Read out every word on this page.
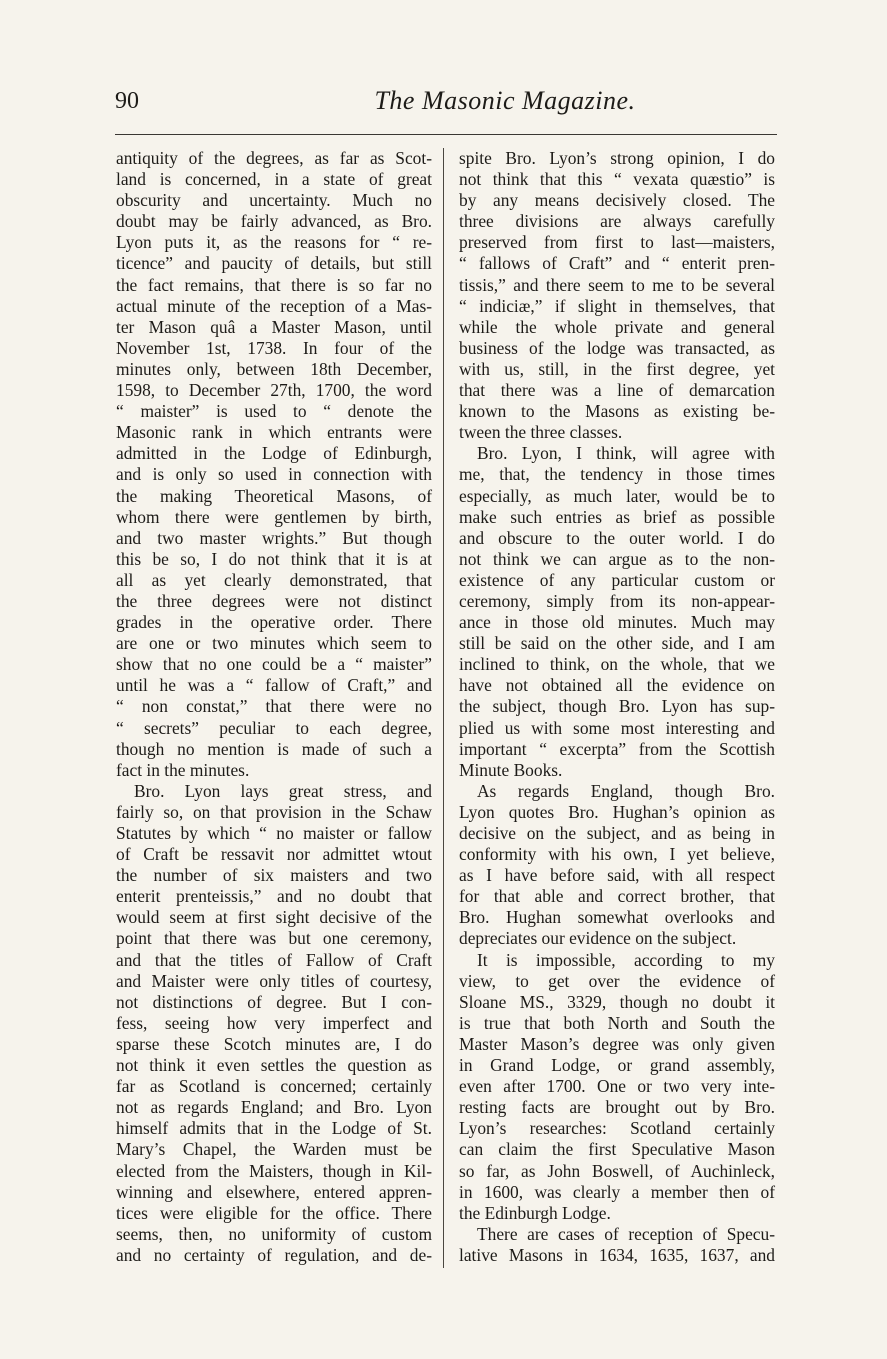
90	The Masonic Magazine.
antiquity of the degrees, as far as Scot-
land is concerned, in a state of great
obscurity and uncertainty. Much no
doubt may be fairly advanced, as Bro.
Lyon puts it, as the reasons for “ re-
ticence” and paucity of details, but still
the fact remains, that there is so far no
actual minute of the reception of a Mas-
ter Mason quâ a Master Mason, until
November 1st, 1738. In four of the
minutes only, between 18th December,
1598, to December 27th, 1700, the word
“ maister” is used to “ denote the
Masonic rank in which entrants were
admitted in the Lodge of Edinburgh,
and is only so used in connection with
the making Theoretical Masons, of
whom there were gentlemen by birth,
and two master wrights.” But though
this be so, I do not think that it is at
all as yet clearly demonstrated, that
the three degrees were not distinct
grades in the operative order. There
are one or two minutes which seem to
show that no one could be a “ maister”
until he was a “ fallow of Craft,” and
“ non constat,” that there were no
“ secrets” peculiar to each degree,
though no mention is made of such a
fact in the minutes.
Bro. Lyon lays great stress, and
fairly so, on that provision in the Schaw
Statutes by which “ no maister or fallow
of Craft be ressavit nor admittet wtout
the number of six maisters and two
enterit prenteissis,” and no doubt that
would seem at first sight decisive of the
point that there was but one ceremony,
and that the titles of Fallow of Craft
and Maister were only titles of courtesy,
not distinctions of degree. But I con-
fess, seeing how very imperfect and
sparse these Scotch minutes are, I do
not think it even settles the question as
far as Scotland is concerned; certainly
not as regards England; and Bro. Lyon
himself admits that in the Lodge of St.
Mary’s Chapel, the Warden must be
elected from the Maisters, though in Kil-
winning and elsewhere, entered appren-
tices were eligible for the office. There
seems, then, no uniformity of custom
and no certainty of regulation, and de-
spite Bro. Lyon’s strong opinion, I do
not think that this “ vexata quæstio” is
by any means decisively closed. The
three divisions are always carefully
preserved from first to last—maisters,
“ fallows of Craft” and “ enterit pren-
tissis,” and there seem to me to be several
“ indiciæ,” if slight in themselves, that
while the whole private and general
business of the lodge was transacted, as
with us, still, in the first degree, yet
that there was a line of demarcation
known to the Masons as existing be-
tween the three classes.
Bro. Lyon, I think, will agree with
me, that, the tendency in those times
especially, as much later, would be to
make such entries as brief as possible
and obscure to the outer world. I do
not think we can argue as to the non-
existence of any particular custom or
ceremony, simply from its non-appear-
ance in those old minutes. Much may
still be said on the other side, and I am
inclined to think, on the whole, that we
have not obtained all the evidence on
the subject, though Bro. Lyon has sup-
plied us with some most interesting and
important “ excerpta” from the Scottish
Minute Books.
As regards England, though Bro.
Lyon quotes Bro. Hughan’s opinion as
decisive on the subject, and as being in
conformity with his own, I yet believe,
as I have before said, with all respect
for that able and correct brother, that
Bro. Hughan somewhat overlooks and
depreciates our evidence on the subject.
It is impossible, according to my
view, to get over the evidence of
Sloane MS., 3329, though no doubt it
is true that both North and South the
Master Mason’s degree was only given
in Grand Lodge, or grand assembly,
even after 1700. One or two very inte-
resting facts are brought out by Bro.
Lyon’s researches: Scotland certainly
can claim the first Speculative Mason
so far, as John Boswell, of Auchinleck,
in 1600, was clearly a member then of
the Edinburgh Lodge.
There are cases of reception of Specu-
lative Masons in 1634, 1635, 1637, and
